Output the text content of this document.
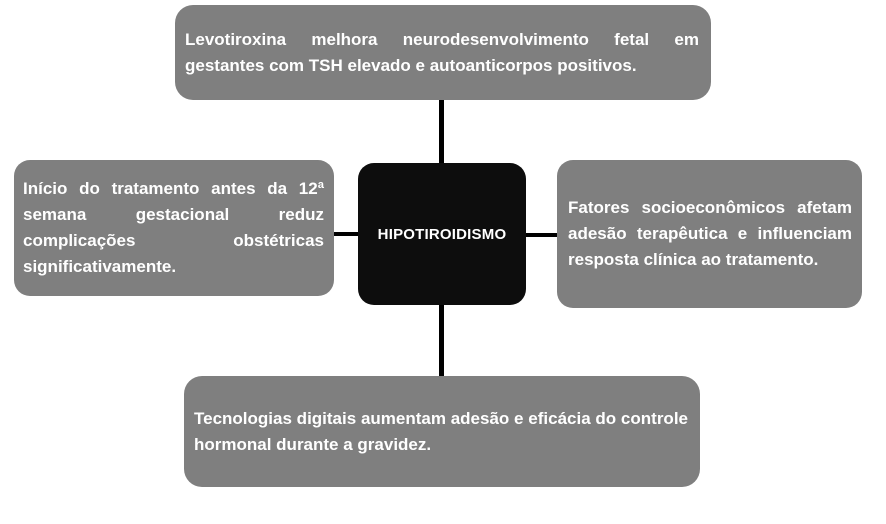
Levotiroxina melhora neurodesenvolvimento fetal em gestantes com TSH elevado e autoanticorpos positivos.

Início do tratamento antes da 12ª semana gestacional reduz complicações obstétricas significativamente.

Fatores socioeconômicos afetam adesão terapêutica e influenciam resposta clínica ao tratamento.

Tecnologias digitais aumentam adesão e eficácia do controle hormonal durante a gravidez.

HIPOTIROIDISMO
